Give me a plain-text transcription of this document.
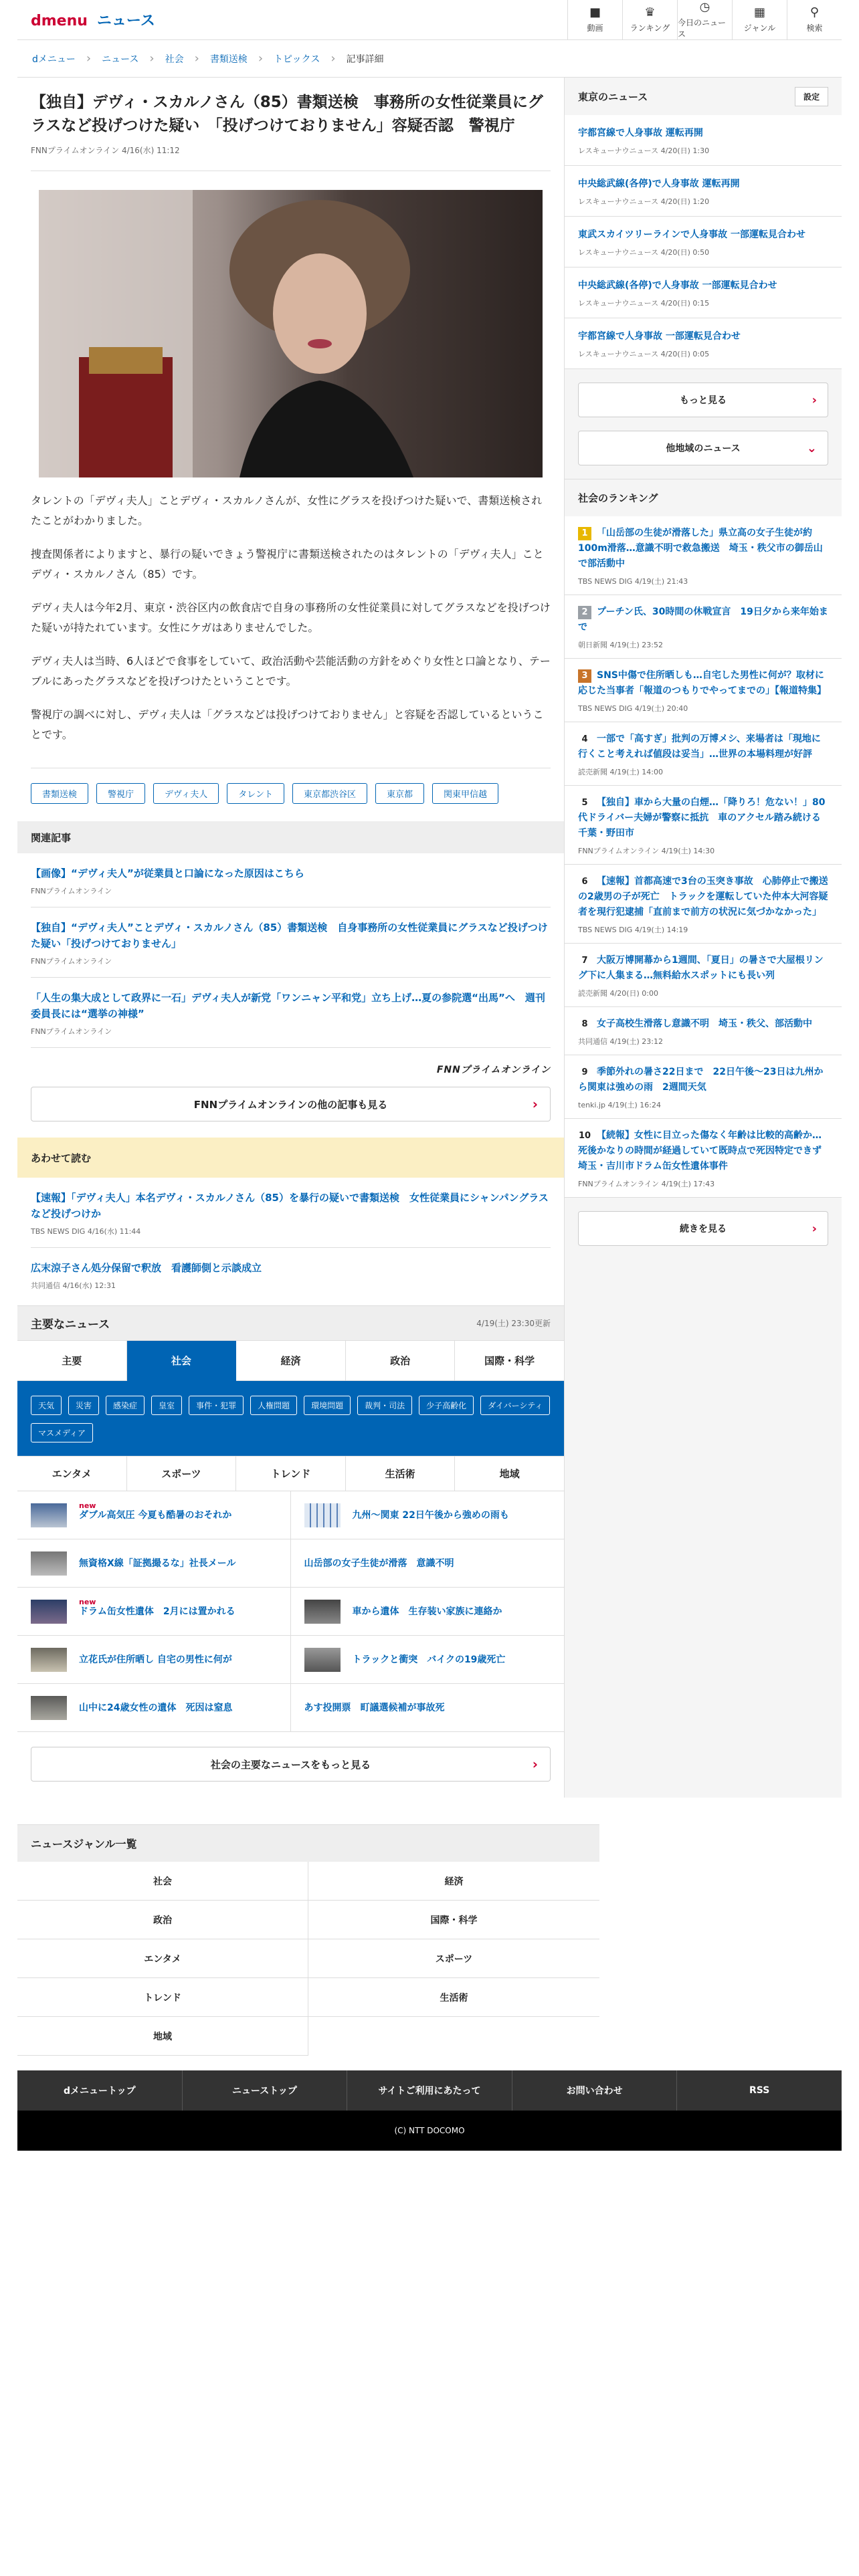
d menu ニュース
■
動画
♛
ランキング
◷
今日のニュース
▦
ジャンル
⚲
検索
dメニュー › ニュース › 社会 › 書類送検 › トピックス › 記事詳細
【独自】デヴィ・スカルノさん（85）書類送検　事務所の女性従業員にグラスなど投げつけた疑い　「投げつけておりません」容疑否認　警視庁
FNNプライムオンライン 4/16(水) 11:12

タレントの「デヴィ夫人」ことデヴィ・スカルノさんが、女性にグラスを投げつけた疑いで、書類送検されたことがわかりました。

捜査関係者によりますと、暴行の疑いできょう警視庁に書類送検されたのはタレントの「デヴィ夫人」ことデヴィ・スカルノさん（85）です。

デヴィ夫人は今年2月、東京・渋谷区内の飲食店で自身の事務所の女性従業員に対してグラスなどを投げつけた疑いが持たれています。女性にケガはありませんでした。

デヴィ夫人は当時、6人ほどで食事をしていて、政治活動や芸能活動の方針をめぐり女性と口論となり、テーブルにあったグラスなどを投げつけたということです。

警視庁の調べに対し、デヴィ夫人は「グラスなどは投げつけておりません」と容疑を否認しているということです。

書類送検	警視庁	デヴィ夫人	タレント	東京都渋谷区	東京都	関東甲信越
関連記事
【画像】“デヴィ夫人”が従業員と口論になった原因はこちら
FNNプライムオンライン
【独自】“デヴィ夫人”ことデヴィ・スカルノさん（85）書類送検　自身事務所の女性従業員にグラスなど投げつけた疑い「投げつけておりません」
FNNプライムオンライン
「人生の集大成として政界に一石」デヴィ夫人が新党「ワンニャン平和党」立ち上げ…夏の参院選“出馬”へ　週刊委員長には“選挙の神様”
FNNプライムオンライン
FNNプライムオンライン
FNNプライムオンラインの他の記事も見る	›
あわせて読む
【速報】「デヴィ夫人」本名デヴィ・スカルノさん（85）を暴行の疑いで書類送検　女性従業員にシャンパングラスなど投げつけか
TBS NEWS DIG 4/16(水) 11:44
広末涼子さん処分保留で釈放　看護師側と示談成立
共同通信 4/16(水) 12:31
主要なニュース	4/19(土) 23:30更新
主要	社会	経済	政治	国際・科学
天気	災害	感染症	皇室	事件・犯罪	人権問題	環境問題	裁判・司法	少子高齢化	ダイバーシティ
マスメディア
エンタメ	スポーツ	トレンド	生活術	地域
new
ダブル高気圧 今夏も酷暑のおそれか	九州～関東 22日午後から強めの雨も
無資格X線「証拠撮るな」社長メール	山岳部の女子生徒が滑落　意識不明
new
ドラム缶女性遺体　2月には置かれる	車から遺体　生存装い家族に連絡か
立花氏が住所晒し 自宅の男性に何が	トラックと衝突　バイクの19歳死亡
山中に24歳女性の遺体　死因は窒息	あす投開票　町議選候補が事故死
社会の主要なニュースをもっと見る	›
東京のニュース	設定
宇都宮線で人身事故 運転再開
レスキューナウニュース 4/20(日) 1:30
中央総武線(各停)で人身事故 運転再開
レスキューナウニュース 4/20(日) 1:20
東武スカイツリーラインで人身事故 一部運転見合わせ
レスキューナウニュース 4/20(日) 0:50
中央総武線(各停)で人身事故 一部運転見合わせ
レスキューナウニュース 4/20(日) 0:15
宇都宮線で人身事故 一部運転見合わせ
レスキューナウニュース 4/20(日) 0:05
もっと見る	›
他地域のニュース	⌄
社会のランキング
1 「山岳部の生徒が滑落した」県立高の女子生徒が約100m滑落…意識不明で救急搬送　埼玉・秩父市の御岳山で部活動中
TBS NEWS DIG 4/19(土) 21:43
2 プーチン氏、30時間の休戦宣言　19日夕から来年始まで
朝日新聞 4/19(土) 23:52
3 SNS中傷で住所晒しも…自宅した男性に何が？取材に応じた当事者「報道のつもりでやってまでの」【報道特集】
TBS NEWS DIG 4/19(土) 20:40
4 一部で「高すぎ」批判の万博メシ、来場者は「現地に行くこと考えれば値段は妥当」…世界の本場料理が好評
読売新聞 4/19(土) 14:00
5 【独自】車から大量の白煙…「降りろ！危ない！」80代ドライバー夫婦が警察に抵抗　車のアクセル踏み続ける　千葉・野田市
FNNプライムオンライン 4/19(土) 14:30
6 【速報】首都高速で3台の玉突き事故　心肺停止で搬送の2歳男の子が死亡　トラックを運転していた仲本大河容疑者を現行犯逮捕「直前まで前方の状況に気づかなかった」
TBS NEWS DIG 4/19(土) 14:19
7 大阪万博開幕から1週間、「夏日」の暑さで大屋根リング下に人集まる…無料給水スポットにも長い列
読売新聞 4/20(日) 0:00
8 女子高校生滑落し意識不明　埼玉・秩父、部活動中
共同通信 4/19(土) 23:12
9 季節外れの暑さ22日まで　22日午後～23日は九州から関東は強めの雨　2週間天気
tenki.jp 4/19(土) 16:24
10 【続報】女性に目立った傷なく年齢は比較的高齢か…死後かなりの時間が経過していて既時点で死因特定できず　埼玉・吉川市ドラム缶女性遺体事件
FNNプライムオンライン 4/19(土) 17:43
続きを見る	›
ニュースジャンル一覧
社会	経済
政治	国際・科学
エンタメ	スポーツ
トレンド	生活術
地域
dメニュートップ	ニューストップ	サイトご利用にあたって	お問い合わせ	RSS
(C) NTT DOCOMO
